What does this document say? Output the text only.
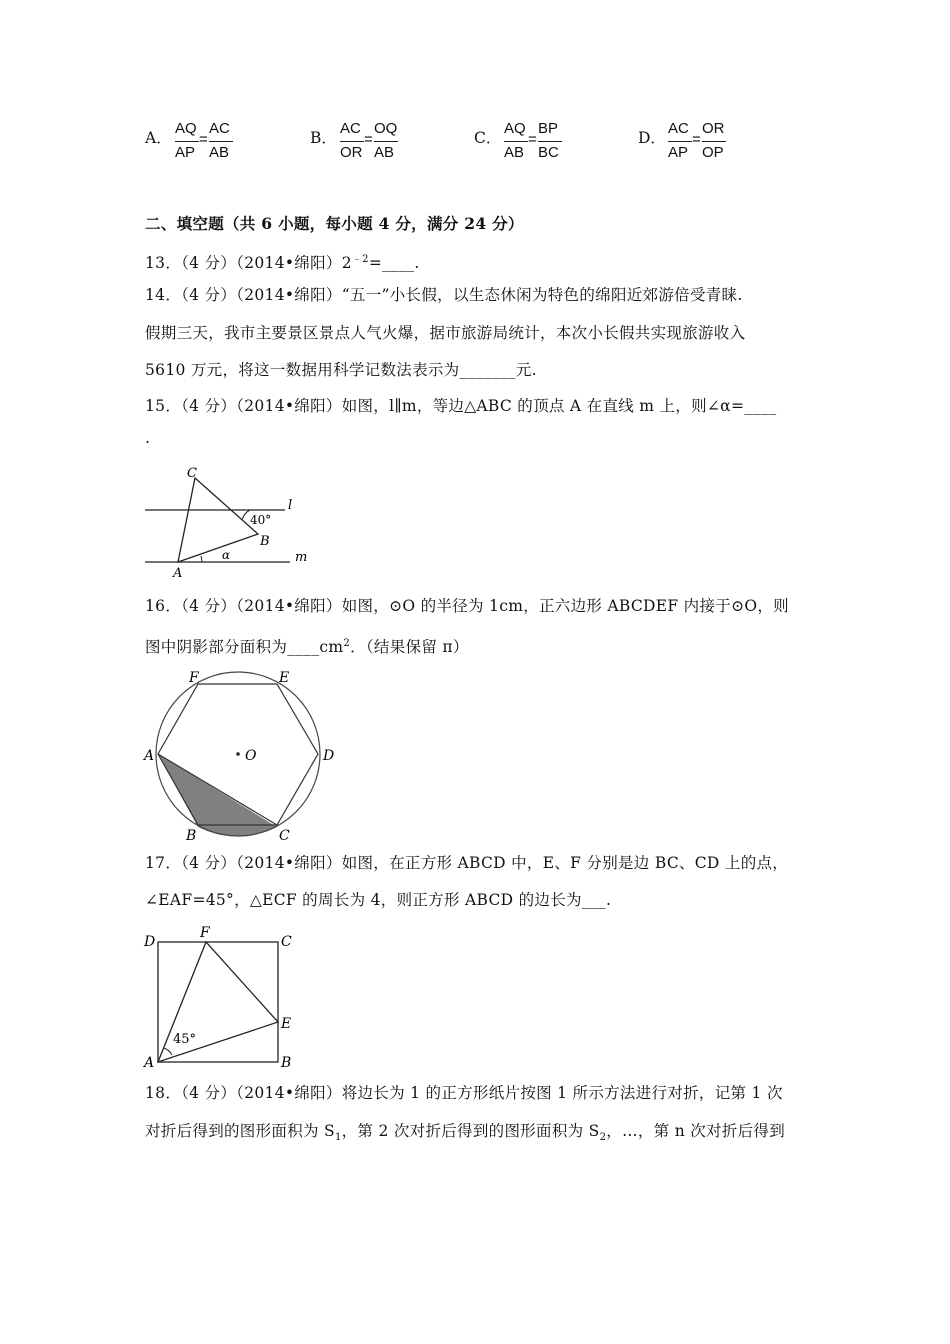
A．
AQ
AP
=
AC
AB
B．
AC
OR
=
OQ
AB
C．
AQ
AB
=
BP
BC
D．
AC
AP
=
OR
OP
二、填空题（共 6 小题，每小题 4 分，满分 24 分）
13．（4 分）（2014•绵阳）$2^{﹣2}=\_\_\_\_$.
14．（4 分）（2014•绵阳）“五一”小长假，以生态休闲为特色的绵阳近郊游倍受青睐.
假期三天，我市主要景区景点人气火爆，据市旅游局统计，本次小长假共实现旅游收入
5610 万元，将这一数据用科学记数法表示为_______元.
15．（4 分）（2014•绵阳）如图，l∥m，等边△ABC 的顶点 A 在直线 m 上，则∠α=____
.
C
B
A
l
m
40°
α
16．（4 分）（2014•绵阳）如图，⊙O 的半径为 1cm，正六边形 ABCDEF 内接于⊙O，则
图中阴影部分面积为$\_\_\_\_cm^2$．（结果保留 π）
O
A
B	C
D
E
F
17．（4 分）（2014•绵阳）如图，在正方形 ABCD 中，E、F 分别是边 BC、CD 上的点，
∠EAF=45°，△ECF 的周长为 4，则正方形 ABCD 的边长为___.
D
F
C
E
A	B
45°
18．（4 分）（2014•绵阳）将边长为 1 的正方形纸片按图 1 所示方法进行对折，记第 1 次
对折后得到的图形面积为 $S_1$，第 2 次对折后得到的图形面积为 $S_2$，…，第 n 次对折后得到
